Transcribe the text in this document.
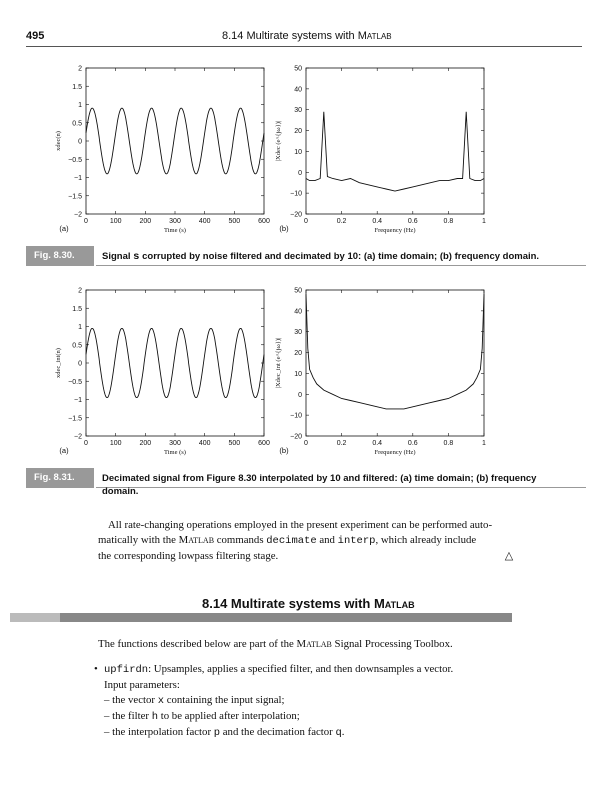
495	8.14 Multirate systems with Matlab
0	100	200	300	400	500	600
2
1.5
1
0.5
0
−0.5
−1
−1.5
−2
Time (s)
xdec(n)
(a)
0	0.2	0.4	0.6	0.8	1
50
40
30
20
10
0
−10
−20
Frequency (Hz)
|Xdec (e^{jω})|
(b)
Fig. 8.30.	Signal s corrupted by noise filtered and decimated by 10: (a) time domain; (b) frequency domain.
0	100	200	300	400	500	600
2
1.5
1
0.5
0
−0.5
−1
−1.5
−2
Time (s)
xdec_int(n)
(a)
0	0.2	0.4	0.6	0.8	1
50
40
30
20
10
0
−10
−20
Frequency (Hz)
|Xdec_int (e^{jω})|
(b)
Fig. 8.31.	Decimated signal from Figure 8.30 interpolated by 10 and filtered: (a) time domain; (b) frequency
domain.
All rate-changing operations employed in the present experiment can be performed auto-
matically with the Matlab commands decimate and interp, which already include
the corresponding lowpass filtering stage.	△
8.14 Multirate systems with Matlab
The functions described below are part of the Matlab Signal Processing Toolbox.
• upfirdn: Upsamples, applies a specified filter, and then downsamples a vector.
Input parameters:
– the vector x containing the input signal;
– the filter h to be applied after interpolation;
– the interpolation factor p and the decimation factor q.
